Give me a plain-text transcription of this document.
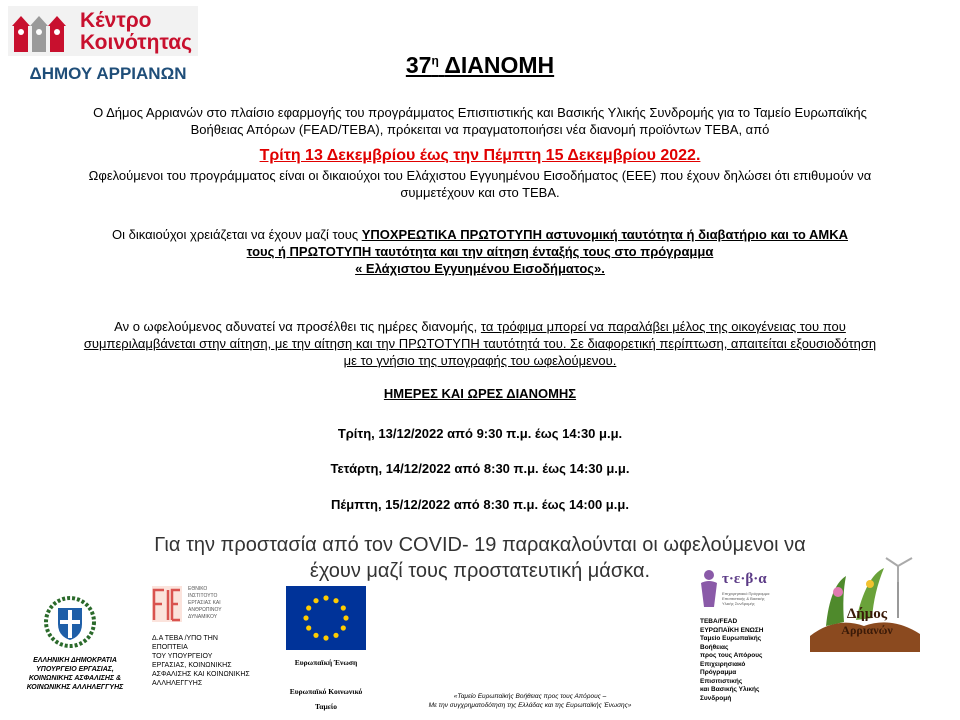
Κέντρο
Κοινότητας
ΔΗΜΟΥ ΑΡΡΙΑΝΩΝ	$37^\eta$ ΔΙΑΝΟΜΗ
Ο Δήμος Αρριανών στο πλαίσιο εφαρμογής του προγράμματος Επισιτιστικής και Βασικής Υλικής Συνδρομής για το Ταμείο Ευρωπαϊκής
Βοήθειας Απόρων (FEAD/ΤΕΒΑ), πρόκειται να πραγματοποιήσει νέα διανομή προϊόντων ΤΕΒΑ, από
Τρίτη 13 Δεκεμβρίου έως την Πέμπτη 15 Δεκεμβρίου 2022.
Ωφελούμενοι του προγράμματος είναι οι δικαιούχοι του Ελάχιστου Εγγυημένου Εισοδήματος (ΕΕΕ) που έχουν δηλώσει ότι επιθυμούν να
συμμετέχουν και στο ΤΕΒΑ.
Οι δικαιούχοι χρειάζεται να έχουν μαζί τους ΥΠΟΧΡΕΩΤΙΚΑ ΠΡΩΤΟΤΥΠΗ αστυνομική ταυτότητα ή διαβατήριο και το ΑΜΚΑ
τους ή ΠΡΩΤΟΤΥΠΗ ταυτότητα και την αίτηση ένταξής τους στο πρόγραμμα
« Ελάχιστου Εγγυημένου Εισοδήματος».
Αν ο ωφελούμενος αδυνατεί να προσέλθει τις ημέρες διανομής, τα τρόφιμα μπορεί να παραλάβει μέλος της οικογένειας του που
συμπεριλαμβάνεται στην αίτηση, με την αίτηση και την ΠΡΩΤΟΤΥΠΗ ταυτότητά του. Σε διαφορετική περίπτωση, απαιτείται εξουσιοδότηση
με το γνήσιο της υπογραφής του ωφελούμενου.
ΗΜΕΡΕΣ ΚΑΙ ΩΡΕΣ ΔΙΑΝΟΜΗΣ
Τρίτη, 13/12/2022 από 9:30 π.μ. έως 14:30 μ.μ.
Τετάρτη, 14/12/2022 από 8:30 π.μ. έως 14:30 μ.μ.
Πέμπτη, 15/12/2022 από 8:30 π.μ. έως 14:00 μ.μ.
Για την προστασία από τον COVID- 19 παρακαλούνται οι ωφελούμενοι να
έχουν μαζί τους προστατευτική μάσκα.
ΕΛΛΗΝΙΚΗ ΔΗΜΟΚΡΑΤΙΑ
ΥΠΟΥΡΓΕΙΟ ΕΡΓΑΣΙΑΣ,
ΚΟΙΝΩΝΙΚΗΣ ΑΣΦΑΛΙΣΗΣ &
ΚΟΙΝΩΝΙΚΗΣ ΑΛΛΗΛΕΓΓΥΗΣ
ΕΘΝΙΚΟ
ΙΝΣΤΙΤΟΥΤΟ
ΕΡΓΑΣΙΑΣ ΚΑΙ
ΑΝΘΡΩΠΙΝΟΥ
ΔΥΝΑΜΙΚΟΥ
Δ.Α ΤΕΒΑ /ΥΠΟ ΤΗΝ
ΕΠΟΠΤΕΙΑ
ΤΟΥ ΥΠΟΥΡΓΕΙΟΥ
ΕΡΓΑΣΙΑΣ, ΚΟΙΝΩΝΙΚΗΣ
ΑΣΦΑΛΙΣΗΣ ΚΑΙ ΚΟΙΝΩΝΙΚΗΣ
ΑΛΛΗΛΕΓΓΥΗΣ
Ευρωπαϊκή Ένωση
Ευρωπαϊκό Κοινωνικό
Ταμείο
«Ταμείο Ευρωπαϊκής Βοήθειας προς τους Απόρους –
Με την συγχρηματοδότηση της Ελλάδας και της Ευρωπαϊκής Ένωσης»
τ·ε·β·α
Επιχειρησιακό Πρόγραμμα
Επισιτιστικής & Βασικής
Υλικής Συνδρομής
ΤΕΒΑ/FEAD
ΕΥΡΩΠΑΪΚΗ ΕΝΩΣΗ
Ταμείο Ευρωπαϊκής
Βοήθειας
προς τους Απόρους
Επιχειρησιακό
Πρόγραμμα
Επισιτιστικής
και Βασικής Υλικής
Συνδρομή
Δήμος
Αρριανών
